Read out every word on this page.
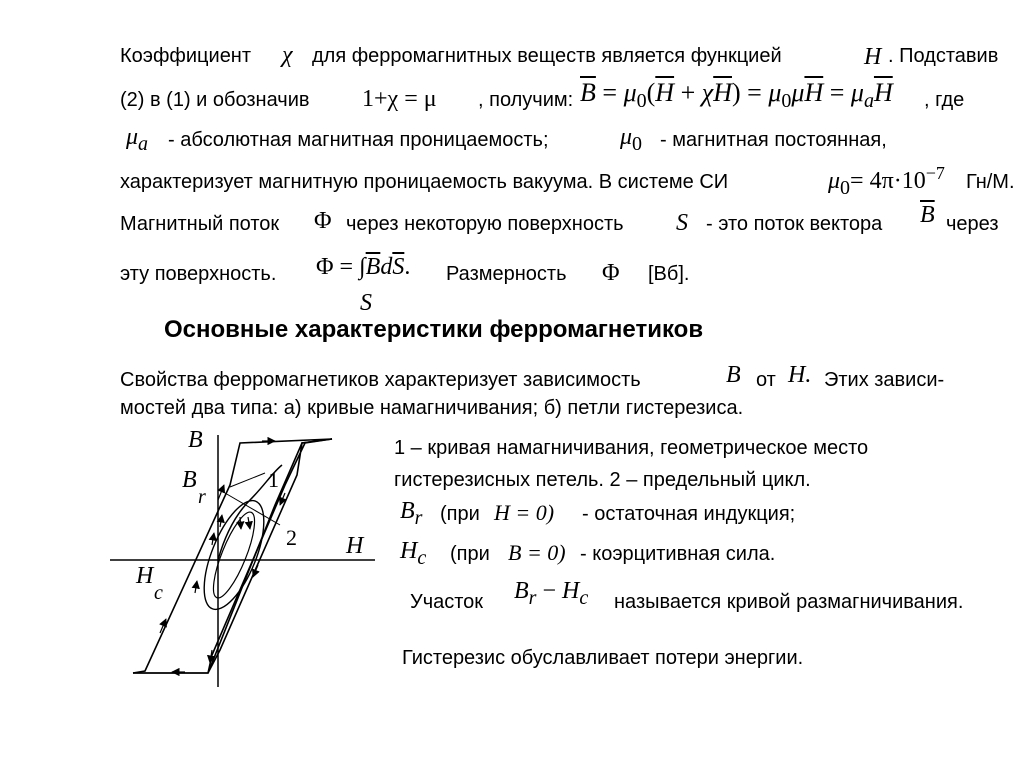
Коэффициент χ для ферромагнитных веществ является функцией	H . Подставив
(2) в (1) и обозначив 1+χ = μ , получим: $\overline{B} = \mu_0(\overline{H} + \chi\overline{H}) = \mu_0\mu\overline{H} = \mu_a\overline{H}$ , где
$\mu_a$ - абсолютная магнитная проницаемость;	$\mu_0$ - магнитная постоянная,
характеризует магнитную проницаемость вакуума. В системе СИ	$\mu_0= 4\pi\cdot 10^{-7}$ Гн/М.
Магнитный поток Φ через некоторую поверхность S - это поток вектора $\overline{B}$ через
эту поверхность. $\Phi = \int\overline{B}d\overline{S}$.
S
Размерность Φ [Вб].
Основные характеристики ферромагнетиков
Свойства ферромагнетиков характеризует зависимость	B от H. Этих зависи-
мостей два типа: а) кривые намагничивания; б) петли гистерезиса.
B
H
B
r
H
c
1
2
1 – кривая намагничивания, геометрическое место
гистерезисных петель. 2 – предельный цикл.
$B_r$ (при H = 0) - остаточная индукция;
$H_c$ (при B = 0) - коэрцитивная сила.
Участок $B_r - H_c$ называется кривой размагничивания.
Гистерезис обуславливает потери энергии.
